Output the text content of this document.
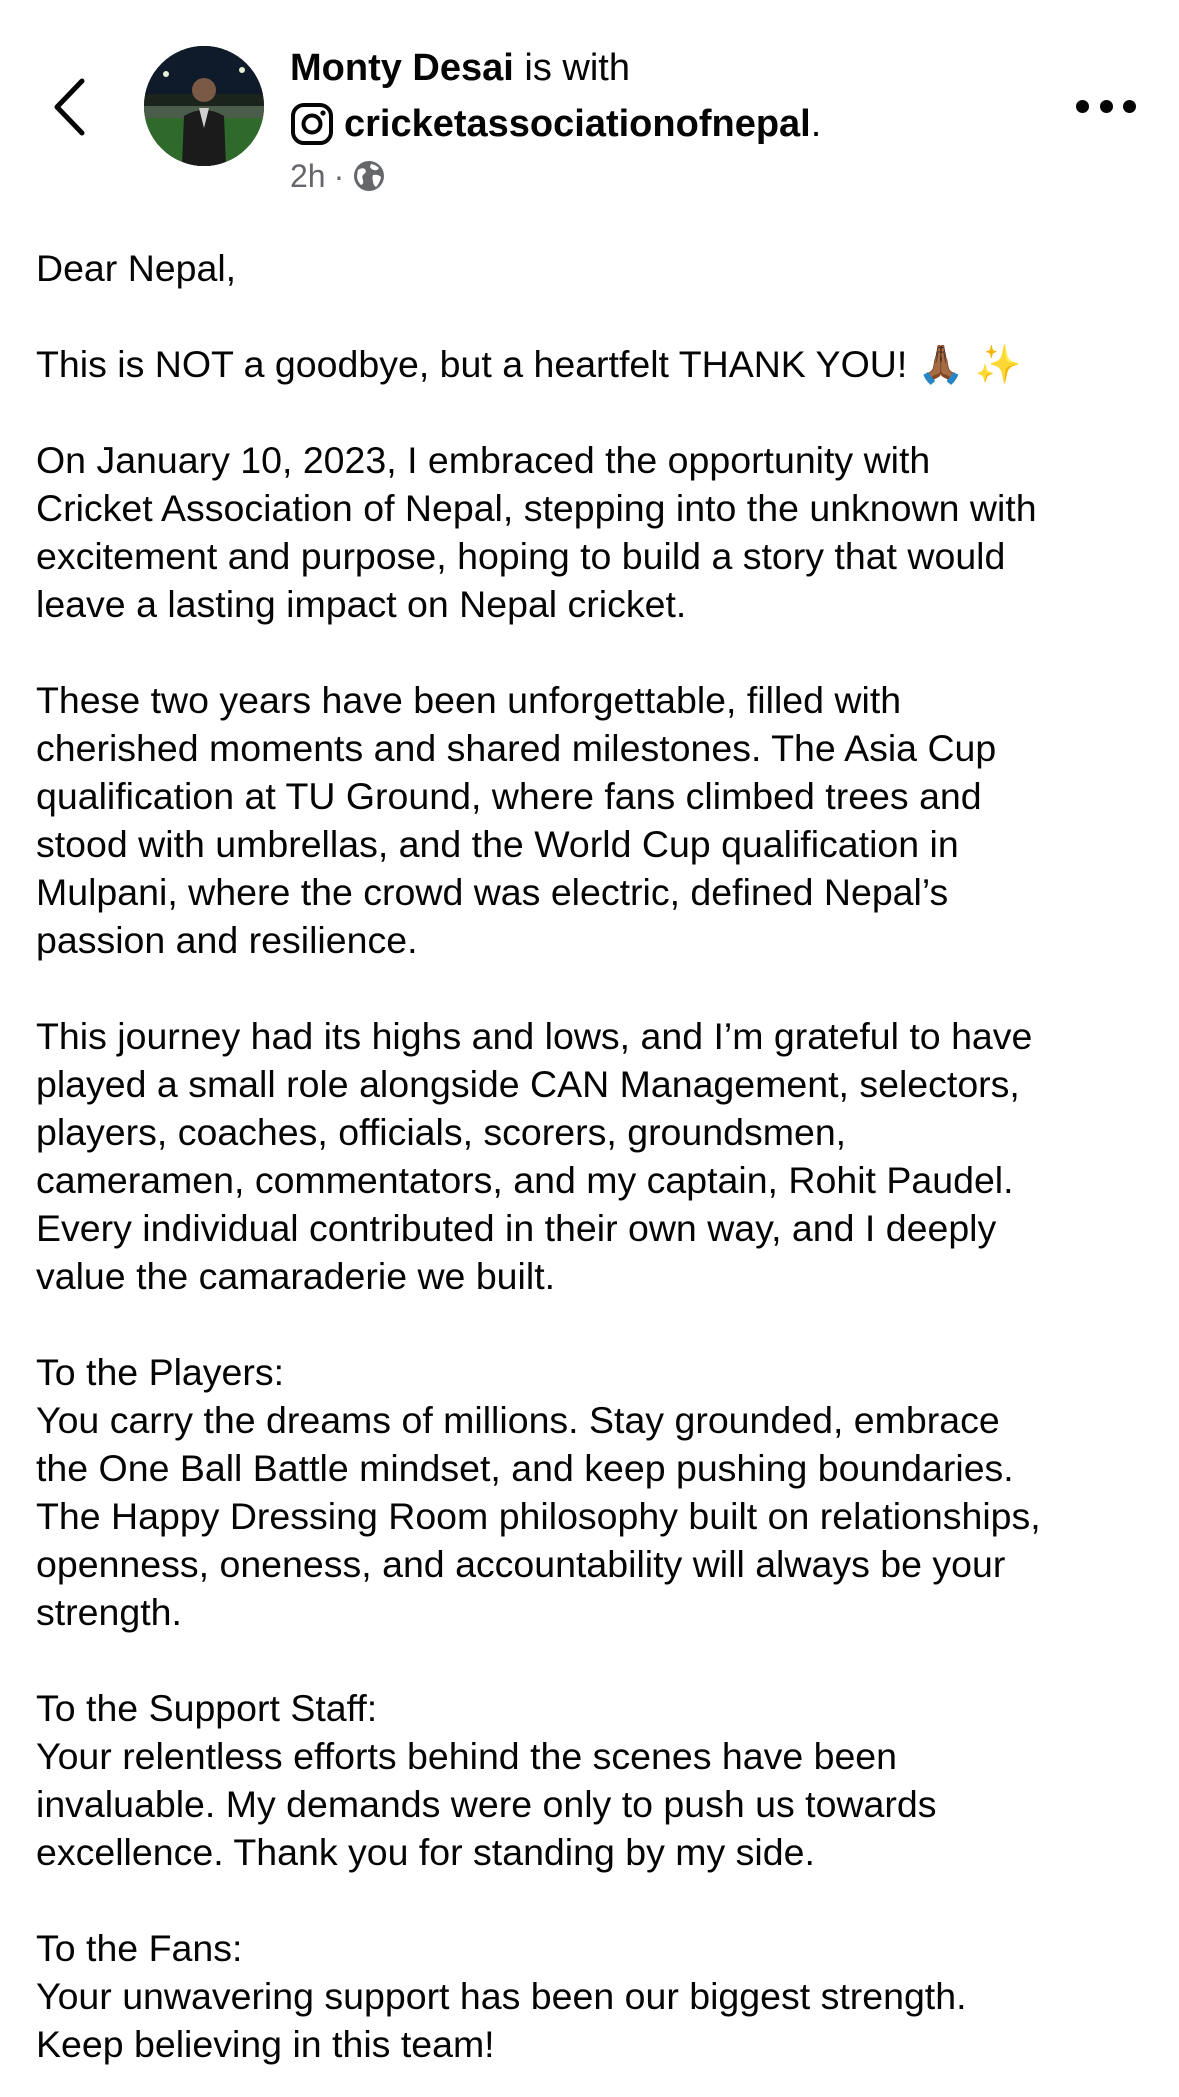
Monty Desai is with
cricketassociationofnepal .
2h ·

Dear Nepal,

This is NOT a goodbye, but a heartfelt THANK YOU! 🙏🏾 ✨

On January 10, 2023, I embraced the opportunity with
Cricket Association of Nepal, stepping into the unknown with
excitement and purpose, hoping to build a story that would
leave a lasting impact on Nepal cricket.

These two years have been unforgettable, filled with
cherished moments and shared milestones. The Asia Cup
qualification at TU Ground, where fans climbed trees and
stood with umbrellas, and the World Cup qualification in
Mulpani, where the crowd was electric, defined Nepal’s
passion and resilience.

This journey had its highs and lows, and I’m grateful to have
played a small role alongside CAN Management, selectors,
players, coaches, officials, scorers, groundsmen,
cameramen, commentators, and my captain, Rohit Paudel.
Every individual contributed in their own way, and I deeply
value the camaraderie we built.

To the Players:
You carry the dreams of millions. Stay grounded, embrace
the One Ball Battle mindset, and keep pushing boundaries.
The Happy Dressing Room philosophy built on relationships,
openness, oneness, and accountability will always be your
strength.

To the Support Staff:
Your relentless efforts behind the scenes have been
invaluable. My demands were only to push us towards
excellence. Thank you for standing by my side.

To the Fans:
Your unwavering support has been our biggest strength.
Keep believing in this team!
